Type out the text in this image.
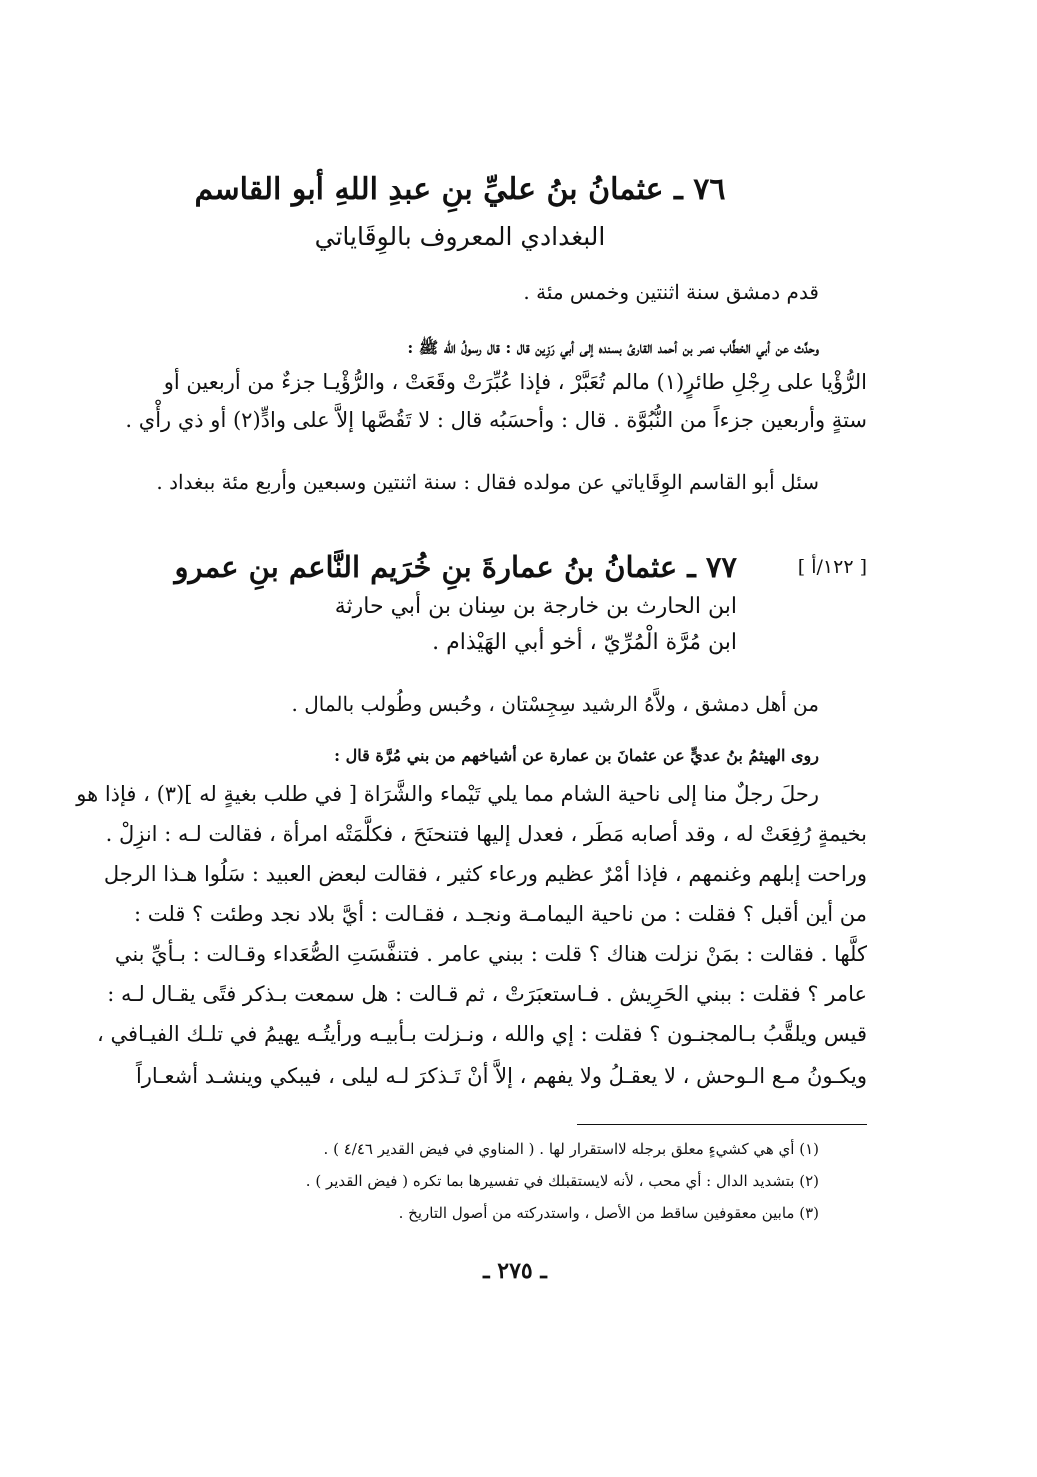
٧٦ ـ عثمانُ بنُ عليِّ بنِ عبدِ اللهِ أبو القاسم
البغدادي المعروف بالوِقَاياتي
قدم دمشق سنة اثنتين وخمس مئة .
وحدَّث عن أبي الخطَّاب نصر بن أحمد القارئ بسنده إلى أبي رَزِين قال : قال رسولُ الله ﷺ :
الرُّؤْيا على رِجْلِ طائرٍ(١) مالم تُعَبَّرْ ، فإذا عُبِّرَتْ وقَعَتْ ، والرُّؤْيـا جزءٌ من أربعين أو
ستةٍ وأربعين جزءاً من النُّبُوَّة . قال : وأحسَبُه قال : لا تَقُصَّها إلاَّ على وادٍّ(٢) أو ذي رأْي .
سئل أبو القاسم الوِقَاياتي عن مولده فقال : سنة اثنتين وسبعين وأربع مئة ببغداد .
[ ١٢٢/أ ]
٧٧ ـ عثمانُ بنُ عمارةَ بنِ خُرَيم النَّاعم بنِ عمرو
ابن الحارث بن خارجة بن سِنان بن أبي حارثة
ابن مُرَّة الْمُرِّيّ ، أخو أبي الهَيْذام .
من أهل دمشق ، ولاَّهُ الرشيد سِجِسْتان ، وحُبس وطُولب بالمال .
روى الهيثمُ بنُ عديٍّ عن عثمانَ بن عمارة عن أشياخهم من بني مُرَّة قال :
رحلَ رجلٌ منا إلى ناحية الشام مما يلي تَيْماء والشَّرَاة [ في طلب بغيةٍ له ](٣) ، فإذا هو
بخيمةٍ رُفِعَتْ له ، وقد أصابه مَطَر ، فعدل إليها فتنحنَحَ ، فكلَّمَتْه امرأة ، فقالت لـه : انزِلْ .
وراحت إبلهم وغنمهم ، فإذا أمْرٌ عظيم ورعاء كثير ، فقالت لبعض العبيد : سَلُوا هـذا الرجل
من أين أقبل ؟ فقلت : من ناحية اليمامـة ونجـد ، فقـالت : أيَّ بلاد نجد وطئت ؟ قلت :
كلَّها . فقالت : بمَنْ نزلت هناك ؟ قلت : ببني عامر . فتنفَّسَتِ الصُّعَداء وقـالت : بـأيِّ بني
عامر ؟ فقلت : ببني الحَرِيش . فـاستعبَرَتْ ، ثم قـالت : هل سمعت بـذكر فتًى يقـال لـه :
قيس ويلقَّبُ بـالمجنـون ؟ فقلت : إي والله ، ونـزلت بـأبيـه ورأيتُـه يهيمُ في تلـك الفيـافي ،
ويكـونُ مـع الـوحش ، لا يعقـلُ ولا يفهم ، إلاَّ أنْ تَـذكرَ لـه ليلى ، فيبكي وينشـد أشعـاراً
(١) أي هي كشيءٍ معلق برجله لااستقرار لها . ( المناوي في فيض القدير ٤/٤٦ ) .
(٢) بتشديد الدال : أي محب ، لأنه لايستقبلك في تفسيرها بما تكره ( فيض القدير ) .
(٣) مابين معقوفين ساقط من الأصل ، واستدركته من أصول التاريخ .
ـ ٢٧٥ ـ
